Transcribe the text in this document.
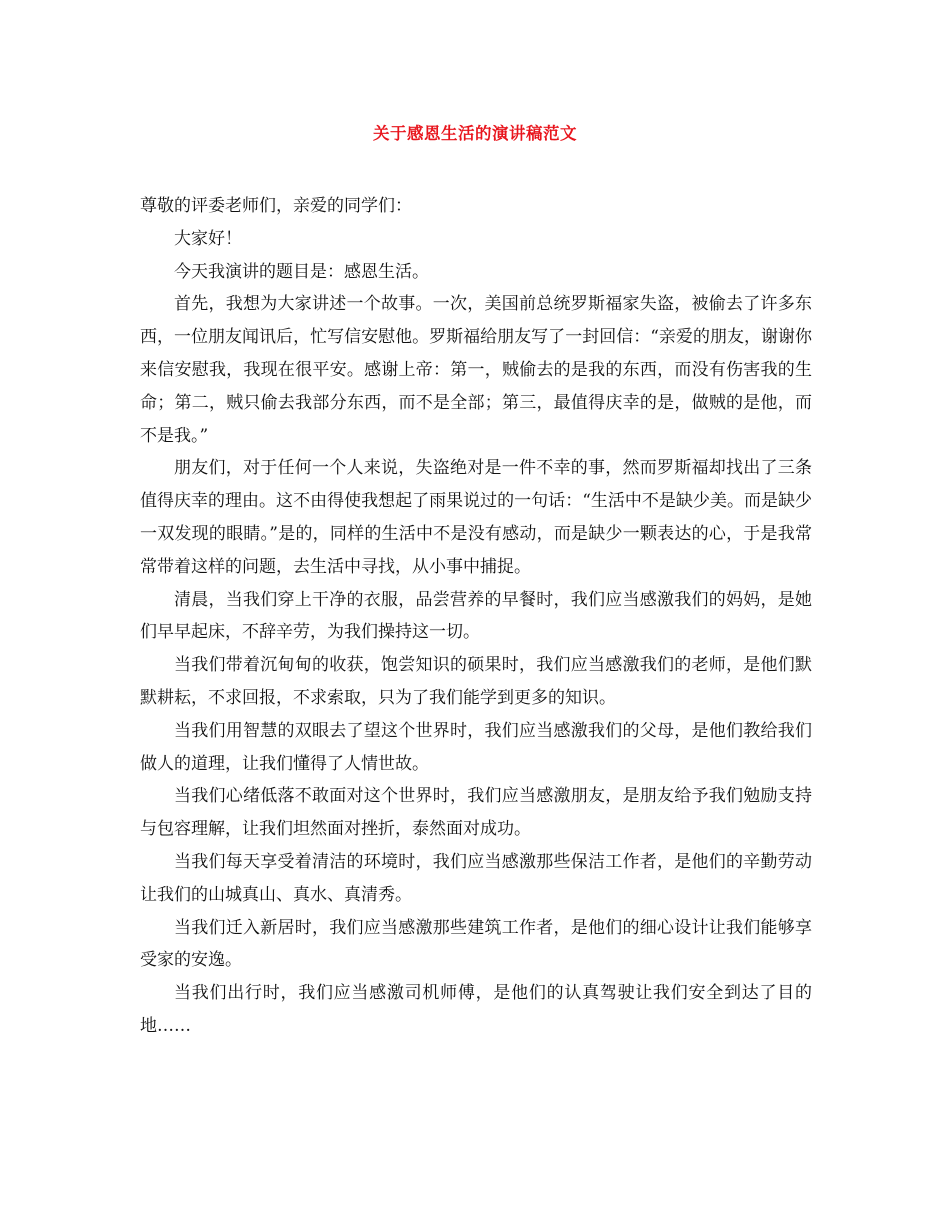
关于感恩生活的演讲稿范文

尊敬的评委老师们，亲爱的同学们：

大家好！

今天我演讲的题目是：感恩生活。

首先，我想为大家讲述一个故事。一次，美国前总统罗斯福家失盗，被偷去了许多东西，一位朋友闻讯后，忙写信安慰他。罗斯福给朋友写了一封回信：“亲爱的朋友，谢谢你来信安慰我，我现在很平安。感谢上帝：第一，贼偷去的是我的东西，而没有伤害我的生命；第二，贼只偷去我部分东西，而不是全部；第三，最值得庆幸的是，做贼的是他，而不是我。”

朋友们，对于任何一个人来说，失盗绝对是一件不幸的事，然而罗斯福却找出了三条值得庆幸的理由。这不由得使我想起了雨果说过的一句话：“生活中不是缺少美。而是缺少一双发现的眼睛。”是的，同样的生活中不是没有感动，而是缺少一颗表达的心，于是我常常带着这样的问题，去生活中寻找，从小事中捕捉。

清晨，当我们穿上干净的衣服，品尝营养的早餐时，我们应当感激我们的妈妈，是她们早早起床，不辞辛劳，为我们操持这一切。

当我们带着沉甸甸的收获，饱尝知识的硕果时，我们应当感激我们的老师，是他们默默耕耘，不求回报，不求索取，只为了我们能学到更多的知识。

当我们用智慧的双眼去了望这个世界时，我们应当感激我们的父母，是他们教给我们做人的道理，让我们懂得了人情世故。

当我们心绪低落不敢面对这个世界时，我们应当感激朋友，是朋友给予我们勉励支持与包容理解，让我们坦然面对挫折，泰然面对成功。

当我们每天享受着清洁的环境时，我们应当感激那些保洁工作者，是他们的辛勤劳动让我们的山城真山、真水、真清秀。

当我们迁入新居时，我们应当感激那些建筑工作者，是他们的细心设计让我们能够享受家的安逸。

当我们出行时，我们应当感激司机师傅，是他们的认真驾驶让我们安全到达了目的地……
